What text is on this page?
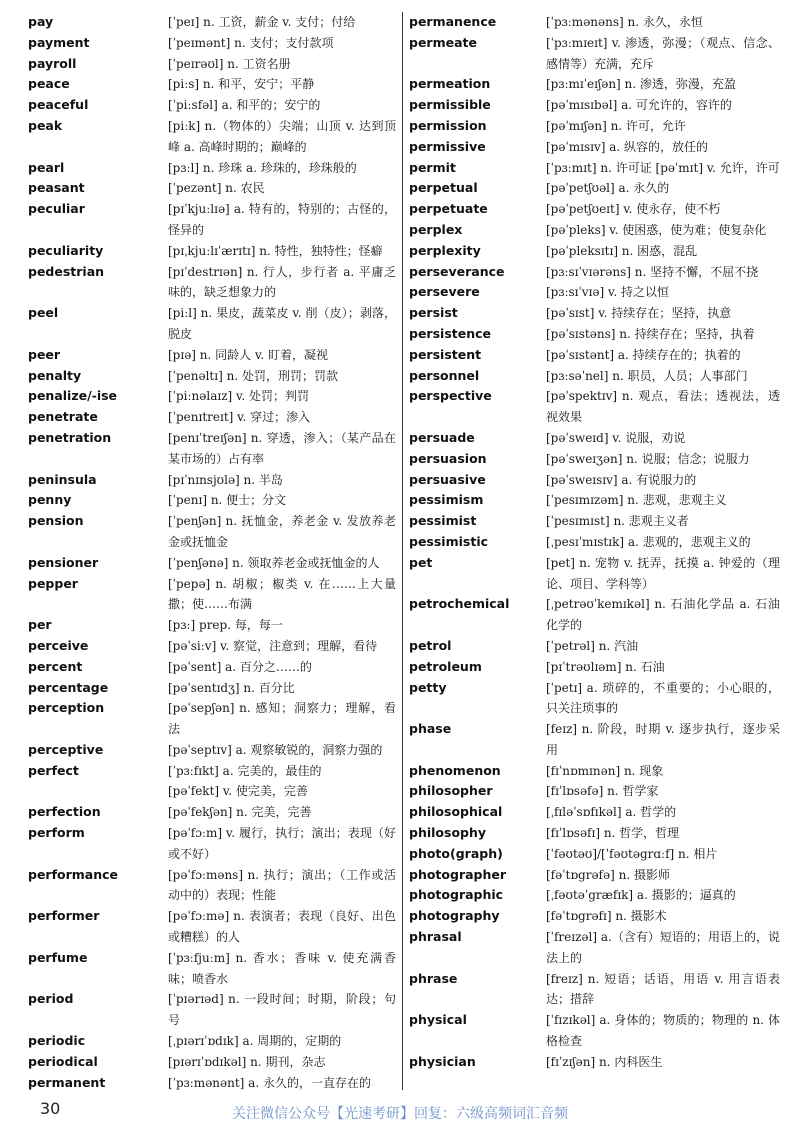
pay	[ˈpeɪ] n. 工资，薪金 v. 支付；付给
payment	[ˈpeɪmənt] n. 支付；支付款项
payroll	[ˈpeɪrəʊl] n. 工资名册
peace	[piːs] n. 和平，安宁；平静
peaceful	[ˈpiːsfəl] a. 和平的；安宁的
peak	[piːk] n.（物体的）尖端；山顶 v. 达到顶峰 a. 高峰时期的；巅峰的
pearl	[pɜːl] n. 珍珠 a. 珍珠的，珍珠般的
peasant	[ˈpezənt] n. 农民
peculiar	[pɪˈkjuːlɪə] a. 特有的，特别的；古怪的，怪异的
peculiarity	[pɪˌkjuːlɪˈærɪtɪ] n. 特性，独特性；怪癖
pedestrian	[pɪˈdestrɪən] n. 行人，步行者 a. 平庸乏味的，缺乏想象力的
peel	[piːl] n. 果皮，蔬菜皮 v. 削（皮）；剥落，脱皮
peer	[pɪə] n. 同龄人 v. 盯着，凝视
penalty	[ˈpenəltɪ] n. 处罚，刑罚；罚款
penalize/-ise	[ˈpiːnəlaɪz] v. 处罚；判罚
penetrate	[ˈpenɪtreɪt] v. 穿过；渗入
penetration	[penɪˈtreɪʃən] n. 穿透，渗入；（某产品在某市场的）占有率
peninsula	[pɪˈnɪnsjʊlə] n. 半岛
penny	[ˈpenɪ] n. 便士；分文
pension	[ˈpenʃən] n. 抚恤金，养老金 v. 发放养老金或抚恤金
pensioner	[ˈpenʃənə] n. 领取养老金或抚恤金的人
pepper	[ˈpepə] n. 胡椒；椒类 v. 在……上大量撒；使……布满
per	[pɜː] prep. 每，每一
perceive	[pəˈsiːv] v. 察觉，注意到；理解，看待
percent	[pəˈsent] a. 百分之……的
percentage	[pəˈsentɪdʒ] n. 百分比
perception	[pəˈsepʃən] n. 感知；洞察力；理解，看法
perceptive	[pəˈseptɪv] a. 观察敏锐的，洞察力强的
perfect	[ˈpɜːfɪkt] a. 完美的，最佳的
[pəˈfekt] v. 使完美，完善
perfection	[pəˈfekʃən] n. 完美，完善
perform	[pəˈfɔːm] v. 履行，执行；演出；表现（好或不好）
performance	[pəˈfɔːməns] n. 执行；演出；（工作或活动中的）表现；性能
performer	[pəˈfɔːmə] n. 表演者；表现（良好、出色或糟糕）的人
perfume	[ˈpɜːfjuːm] n. 香水；香味 v. 使充满香味；喷香水
period	[ˈpɪərɪəd] n. 一段时间；时期，阶段；句号
periodic	[ˌpɪərɪˈɒdɪk] a. 周期的，定期的
periodical	[pɪərɪˈɒdɪkəl] n. 期刊，杂志
permanent	[ˈpɜːmənənt] a. 永久的，一直存在的
permanence	[ˈpɜːmənəns] n. 永久，永恒
permeate	[ˈpɜːmɪeɪt] v. 渗透，弥漫；（观点、信念、感情等）充满，充斥
permeation	[pɜːmɪˈeɪʃən] n. 渗透，弥漫，充盈
permissible	[pəˈmɪsɪbəl] a. 可允许的，容许的
permission	[pəˈmɪʃən] n. 许可，允许
permissive	[pəˈmɪsɪv] a. 纵容的，放任的
permit	[ˈpɜːmɪt] n. 许可证 [pəˈmɪt] v. 允许，许可
perpetual	[pəˈpetʃʊəl] a. 永久的
perpetuate	[pəˈpetʃʊeɪt] v. 使永存，使不朽
perplex	[pəˈpleks] v. 使困惑，使为难；使复杂化
perplexity	[pəˈpleksɪtɪ] n. 困惑，混乱
perseverance	[pɜːsɪˈvɪərəns] n. 坚持不懈，不屈不挠
persevere	[pɜːsɪˈvɪə] v. 持之以恒
persist	[pəˈsɪst] v. 持续存在；坚持，执意
persistence	[pəˈsɪstəns] n. 持续存在；坚持，执着
persistent	[pəˈsɪstənt] a. 持续存在的；执着的
personnel	[pɜːsəˈnel] n. 职员，人员；人事部门
perspective	[pəˈspektɪv] n. 观点，看法；透视法，透视效果
persuade	[pəˈsweɪd] v. 说服，劝说
persuasion	[pəˈsweɪʒən] n. 说服；信念；说服力
persuasive	[pəˈsweɪsɪv] a. 有说服力的
pessimism	[ˈpesɪmɪzəm] n. 悲观，悲观主义
pessimist	[ˈpesɪmɪst] n. 悲观主义者
pessimistic	[ˌpesɪˈmɪstɪk] a. 悲观的，悲观主义的
pet	[pet] n. 宠物 v. 抚弄，抚摸 a. 钟爱的（理论、项目、学科等）
petrochemical	[ˌpetrəʊˈkemɪkəl] n. 石油化学品 a. 石油化学的
petrol	[ˈpetrəl] n. 汽油
petroleum	[pɪˈtrəʊlɪəm] n. 石油
petty	[ˈpetɪ] a. 琐碎的，不重要的；小心眼的，只关注琐事的
phase	[feɪz] n. 阶段，时期 v. 逐步执行，逐步采用
phenomenon	[fɪˈnɒmɪnən] n. 现象
philosopher	[fɪˈlɒsəfə] n. 哲学家
philosophical	[ˌfɪləˈsɒfɪkəl] a. 哲学的
philosophy	[fɪˈlɒsəfɪ] n. 哲学，哲理
photo(graph)	[ˈfəʊtəʊ]/[ˈfəʊtəgrɑːf] n. 相片
photographer	[fəˈtɒgrəfə] n. 摄影师
photographic	[ˌfəʊtəˈgræfɪk] a. 摄影的；逼真的
photography	[fəˈtɒgrəfɪ] n. 摄影术
phrasal	[ˈfreɪzəl] a.（含有）短语的；用语上的，说法上的
phrase	[freɪz] n. 短语；话语，用语 v. 用言语表达；措辞
physical	[ˈfɪzɪkəl] a. 身体的；物质的；物理的 n. 体格检查
physician	[fɪˈzɪʃən] n. 内科医生
30	关注微信公众号【光速考研】回复：六级高频词汇音频
